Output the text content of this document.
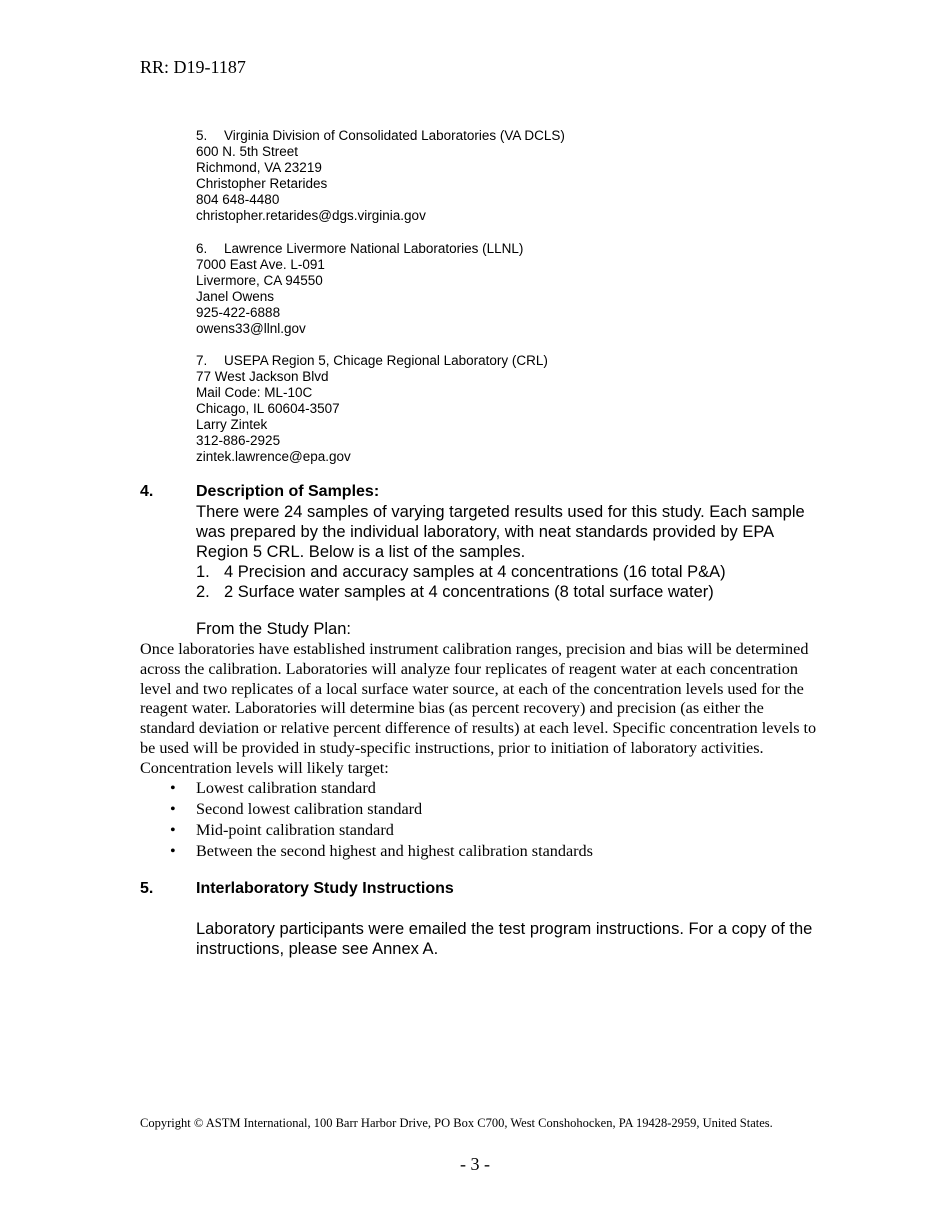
RR: D19-1187
5. Virginia Division of Consolidated Laboratories (VA DCLS)
600 N. 5th Street
Richmond, VA 23219
Christopher Retarides
804 648-4480
christopher.retarides@dgs.virginia.gov
6. Lawrence Livermore National Laboratories (LLNL)
7000 East Ave. L-091
Livermore, CA 94550
Janel Owens
925-422-6888
owens33@llnl.gov
7. USEPA Region 5, Chicage Regional Laboratory (CRL)
77 West Jackson Blvd
Mail Code: ML-10C
Chicago, IL 60604-3507
Larry Zintek
312-886-2925
zintek.lawrence@epa.gov
4.	Description of Samples:
There were 24 samples of varying targeted results used for this study. Each sample was prepared by the individual laboratory, with neat standards provided by EPA Region 5 CRL. Below is a list of the samples.
1. 4 Precision and accuracy samples at 4 concentrations (16 total P&A)
2. 2 Surface water samples at 4 concentrations (8 total surface water)
From the Study Plan:
Once laboratories have established instrument calibration ranges, precision and bias will be determined across the calibration. Laboratories will analyze four replicates of reagent water at each concentration level and two replicates of a local surface water source, at each of the concentration levels used for the reagent water. Laboratories will determine bias (as percent recovery) and precision (as either the standard deviation or relative percent difference of results) at each level. Specific concentration levels to be used will be provided in study-specific instructions, prior to initiation of laboratory activities. Concentration levels will likely target:
• Lowest calibration standard
• Second lowest calibration standard
• Mid-point calibration standard
• Between the second highest and highest calibration standards
5.	Interlaboratory Study Instructions
Laboratory participants were emailed the test program instructions. For a copy of the instructions, please see Annex A.
Copyright © ASTM International, 100 Barr Harbor Drive, PO Box C700, West Conshohocken, PA 19428-2959, United States.
- 3 -
